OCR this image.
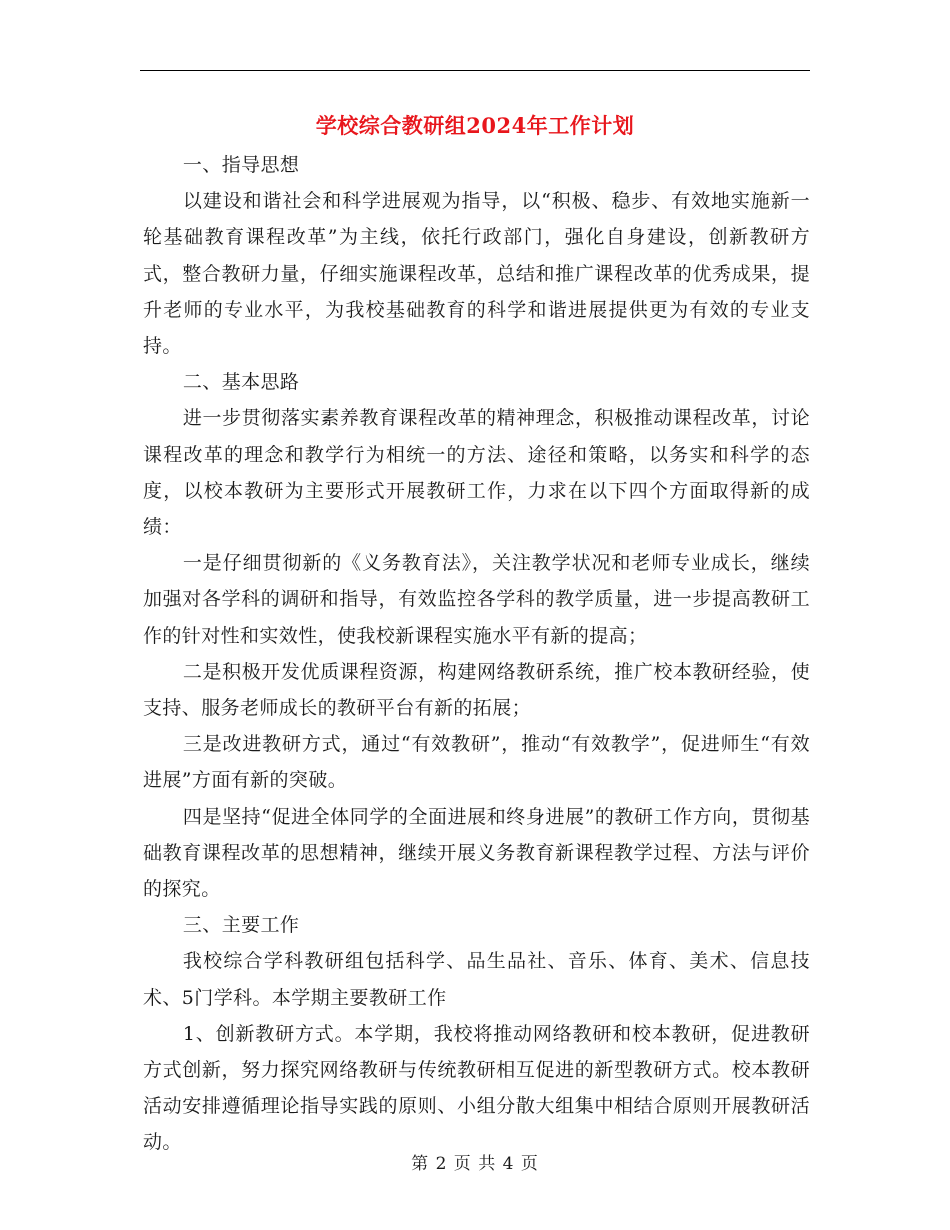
学校综合教研组2024年工作计划

一、指导思想

以建设和谐社会和科学进展观为指导，以“积极、稳步、有效地实施新一轮基础教育课程改革”为主线，依托行政部门，强化自身建设，创新教研方式，整合教研力量，仔细实施课程改革，总结和推广课程改革的优秀成果，提升老师的专业水平，为我校基础教育的科学和谐进展提供更为有效的专业支持。

二、基本思路

进一步贯彻落实素养教育课程改革的精神理念，积极推动课程改革，讨论课程改革的理念和教学行为相统一的方法、途径和策略，以务实和科学的态度，以校本教研为主要形式开展教研工作，力求在以下四个方面取得新的成绩：

一是仔细贯彻新的《义务教育法》，关注教学状况和老师专业成长，继续加强对各学科的调研和指导，有效监控各学科的教学质量，进一步提高教研工作的针对性和实效性，使我校新课程实施水平有新的提高；

二是积极开发优质课程资源，构建网络教研系统，推广校本教研经验，使支持、服务老师成长的教研平台有新的拓展；

三是改进教研方式，通过“有效教研”，推动“有效教学”，促进师生“有效进展”方面有新的突破。

四是坚持“促进全体同学的全面进展和终身进展”的教研工作方向，贯彻基础教育课程改革的思想精神，继续开展义务教育新课程教学过程、方法与评价的探究。

三、主要工作

我校综合学科教研组包括科学、品生品社、音乐、体育、美术、信息技术、5门学科。本学期主要教研工作

1、创新教研方式。本学期，我校将推动网络教研和校本教研，促进教研方式创新，努力探究网络教研与传统教研相互促进的新型教研方式。校本教研活动安排遵循理论指导实践的原则、小组分散大组集中相结合原则开展教研活动。

第 2 页 共 4 页
